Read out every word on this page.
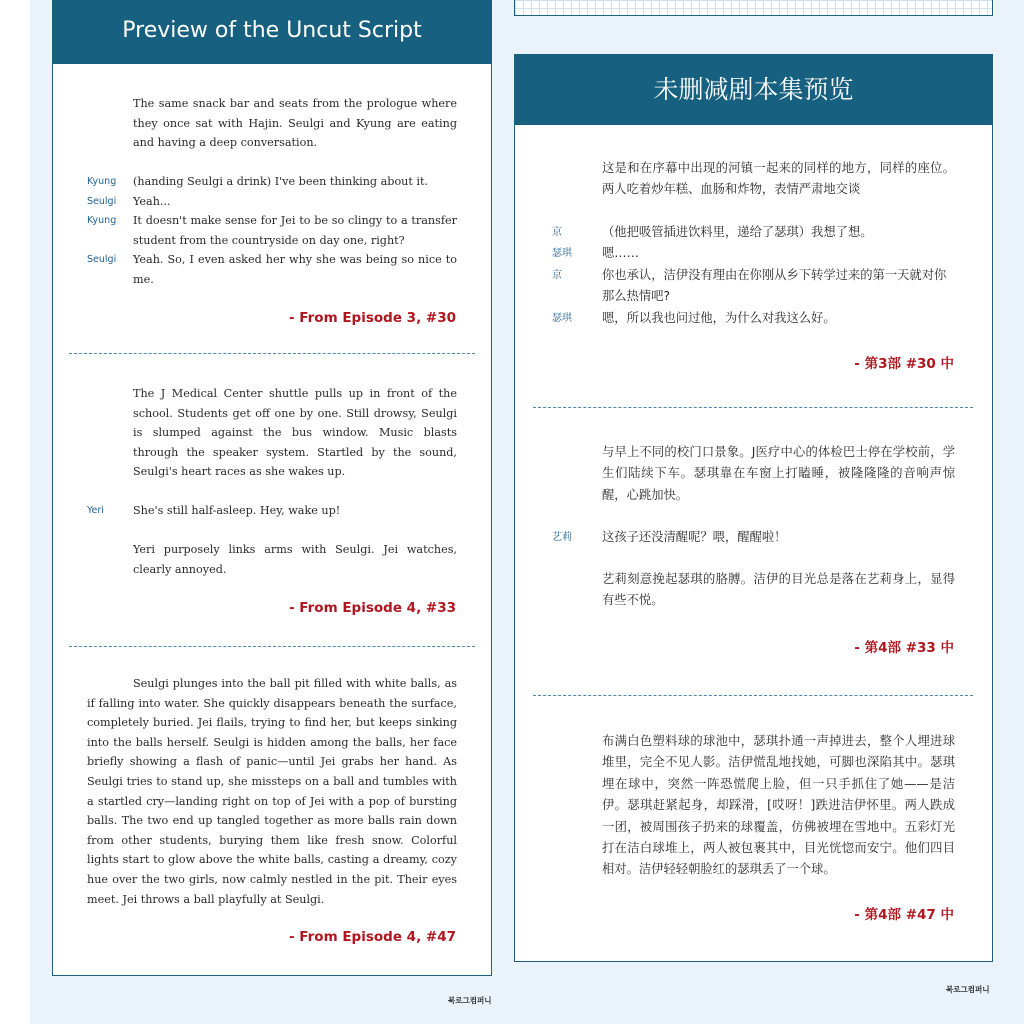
Preview of the Uncut Script
The same snack bar and seats from the prologue where they once sat with Hajin. Seulgi and Kyung are eating and having a deep conversation.
Kyung (handing Seulgi a drink) I've been thinking about it.
Seulgi Yeah...
Kyung It doesn't make sense for Jei to be so clingy to a transfer student from the countryside on day one, right?
Seulgi Yeah. So, I even asked her why she was being so nice to me.
- From Episode 3, #30
The J Medical Center shuttle pulls up in front of the school. Students get off one by one. Still drowsy, Seulgi is slumped against the bus window. Music blasts through the speaker system. Startled by the sound, Seulgi's heart races as she wakes up.
Yeri	She's still half-asleep. Hey, wake up!
Yeri purposely links arms with Seulgi. Jei watches, clearly annoyed.
- From Episode 4, #33
Seulgi plunges into the ball pit filled with white balls, as if falling into water. She quickly disappears beneath the surface, completely buried. Jei flails, trying to find her, but keeps sinking into the balls herself. Seulgi is hidden among the balls, her face briefly showing a flash of panic—until Jei grabs her hand. As Seulgi tries to stand up, she missteps on a ball and tumbles with a startled cry—landing right on top of Jei with a pop of bursting balls. The two end up tangled together as more balls rain down from other students, burying them like fresh snow. Colorful lights start to glow above the white balls, casting a dreamy, cozy hue over the two girls, now calmly nestled in the pit. Their eyes meet. Jei throws a ball playfully at Seulgi.
- From Episode 4, #47
북로그컴퍼니
未删减剧本集预览
这是和在序幕中出现的河镇一起来的同样的地方，同样的座位。两人吃着炒年糕、血肠和炸物，表情严肃地交谈
京	（他把吸管插进饮料里，递给了瑟琪）我想了想。
瑟琪 嗯……
京	你也承认，洁伊没有理由在你刚从乡下转学过来的第一天就对你那么热情吧?
瑟琪 嗯，所以我也问过他，为什么对我这么好。
- 第3部 #30 中
与早上不同的校门口景象。J医疗中心的体检巴士停在学校前，学生们陆续下车。瑟琪靠在车窗上打瞌睡，被隆隆隆的音响声惊醒，心跳加快。
艺莉 这孩子还没清醒呢？喂，醒醒啦！
艺莉刻意挽起瑟琪的胳膊。洁伊的目光总是落在艺莉身上，显得有些不悦。
- 第4部 #33 中
布满白色塑料球的球池中，瑟琪扑通一声掉进去，整个人埋进球堆里，完全不见人影。洁伊慌乱地找她，可脚也深陷其中。瑟琪埋在球中，突然一阵恐慌爬上脸，但一只手抓住了她——是洁伊。瑟琪赶紧起身，却踩滑，[哎呀！]跌进洁伊怀里。两人跌成一团，被周围孩子扔来的球覆盖，仿佛被埋在雪地中。五彩灯光打在洁白球堆上，两人被包裹其中，目光恍惚而安宁。他们四目相对。洁伊轻轻朝脸红的瑟琪丢了一个球。
- 第4部 #47 中
북로그컴퍼니
